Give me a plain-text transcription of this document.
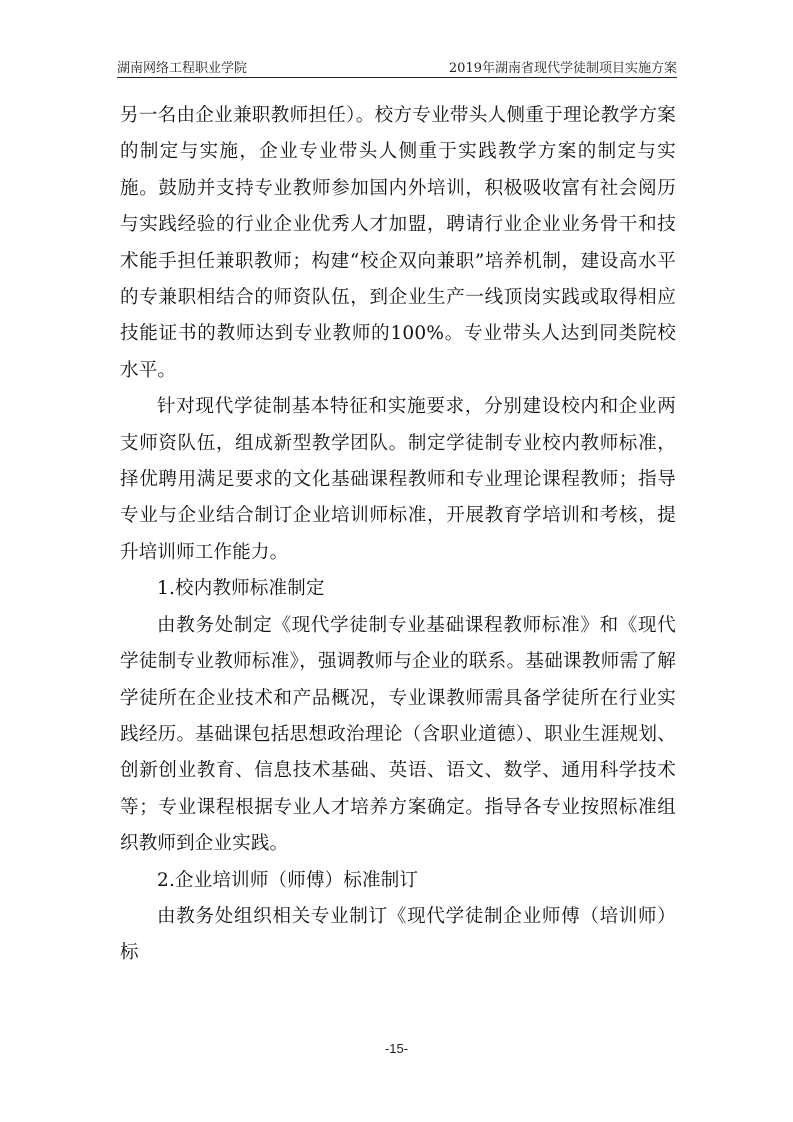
湖南网络工程职业学院	2019年湖南省现代学徒制项目实施方案

另一名由企业兼职教师担任）。校方专业带头人侧重于理论教学方案的制定与实施，企业专业带头人侧重于实践教学方案的制定与实施。鼓励并支持专业教师参加国内外培训，积极吸收富有社会阅历与实践经验的行业企业优秀人才加盟，聘请行业企业业务骨干和技术能手担任兼职教师；构建“校企双向兼职”培养机制，建设高水平的专兼职相结合的师资队伍，到企业生产一线顶岗实践或取得相应技能证书的教师达到专业教师的100%。专业带头人达到同类院校水平。

针对现代学徒制基本特征和实施要求，分别建设校内和企业两支师资队伍，组成新型教学团队。制定学徒制专业校内教师标准，择优聘用满足要求的文化基础课程教师和专业理论课程教师；指导专业与企业结合制订企业培训师标准，开展教育学培训和考核，提升培训师工作能力。

1.校内教师标准制定

由教务处制定《现代学徒制专业基础课程教师标准》和《现代学徒制专业教师标准》，强调教师与企业的联系。基础课教师需了解学徒所在企业技术和产品概况，专业课教师需具备学徒所在行业实践经历。基础课包括思想政治理论（含职业道德）、职业生涯规划、创新创业教育、信息技术基础、英语、语文、数学、通用科学技术等；专业课程根据专业人才培养方案确定。指导各专业按照标准组织教师到企业实践。

2.企业培训师（师傅）标准制订

由教务处组织相关专业制订《现代学徒制企业师傅（培训师）标

-15-
